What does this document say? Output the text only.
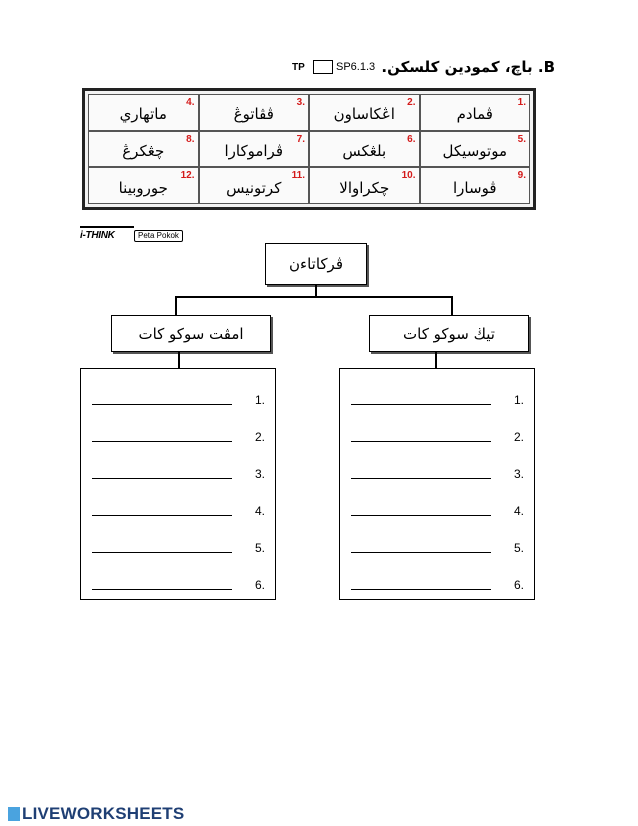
B. باچ، کمودین کلسکن.
SP6.1.3
TP
1.
ڤمادم
2.
اڠکاساون
3.
ڤڤاتوڠ
4.
ماتهاري
5.
موتوسيکل
6.
بلڠکس
7.
ڤراموکارا
8.
چڠکرڠ
9.
ڤوسارا
10.
چکراوالا
11.
کرتونيس
12.
جوروبينا
i-THINK	Peta Pokok
ڤرکاتاءن
امڤت سوکو کات	تيڬ سوکو کات
.1
.2
.3
.4
.5
.6
.1
.2
.3
.4
.5
.6
LIVEWORKSHEETS
